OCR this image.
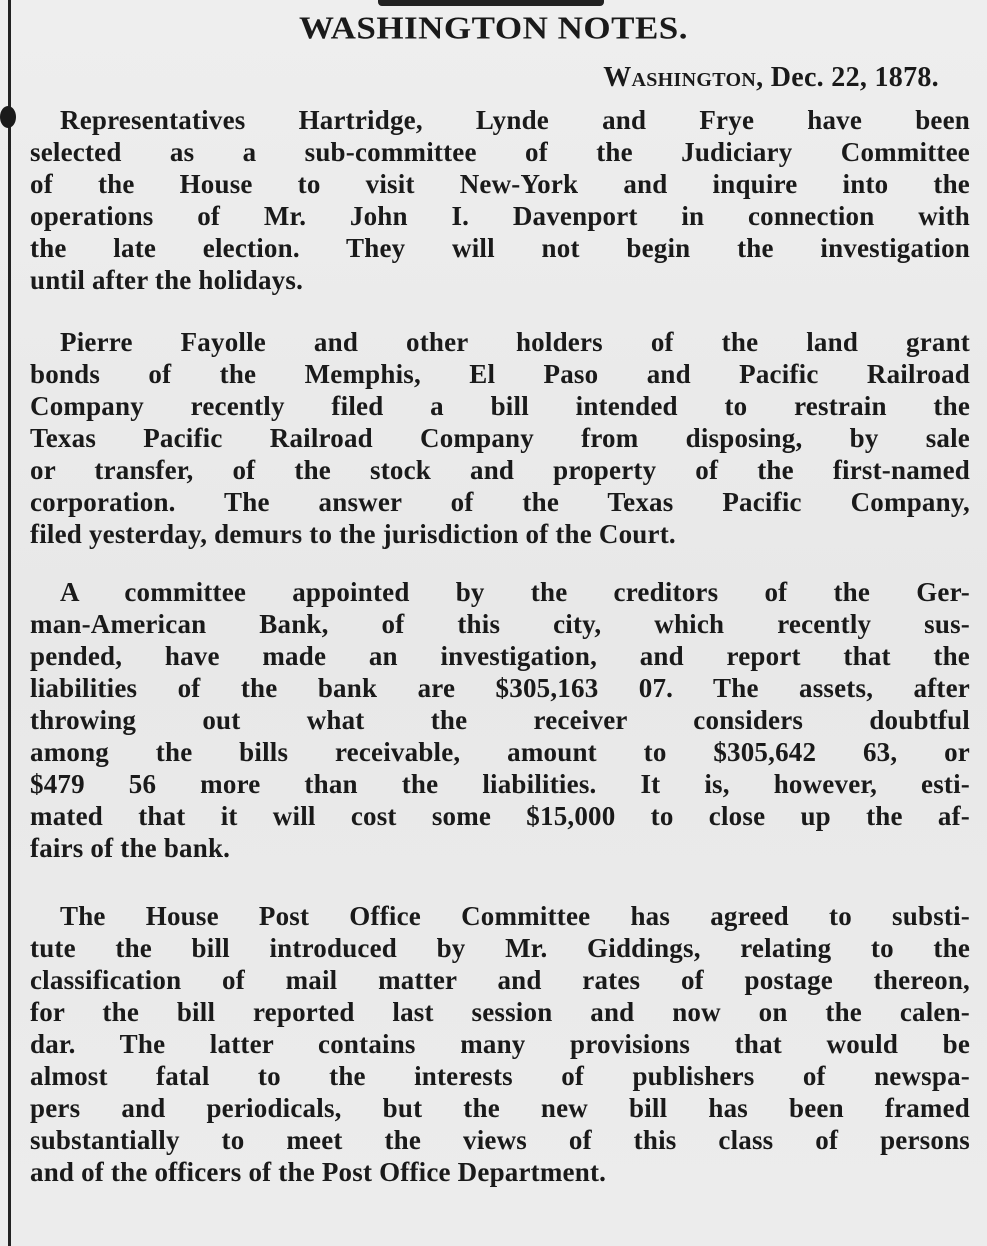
WASHINGTON NOTES.
Washington, Dec. 22, 1878.
Representatives Hartridge, Lynde and Frye have been
selected as a sub-committee of the Judiciary Committee
of the House to visit New-York and inquire into the
operations of Mr. John I. Davenport in connection with
the late election. They will not begin the investigation
until after the holidays.
Pierre Fayolle and other holders of the land grant
bonds of the Memphis, El Paso and Pacific Railroad
Company recently filed a bill intended to restrain the
Texas Pacific Railroad Company from disposing, by sale
or transfer, of the stock and property of the first-named
corporation. The answer of the Texas Pacific Company,
filed yesterday, demurs to the jurisdiction of the Court.
A committee appointed by the creditors of the Ger-
man-American Bank, of this city, which recently sus-
pended, have made an investigation, and report that the
liabilities of the bank are $305,163 07. The assets, after
throwing out what the receiver considers doubtful
among the bills receivable, amount to $305,642 63, or
$479 56 more than the liabilities. It is, however, esti-
mated that it will cost some $15,000 to close up the af-
fairs of the bank.
The House Post Office Committee has agreed to substi-
tute the bill introduced by Mr. Giddings, relating to the
classification of mail matter and rates of postage thereon,
for the bill reported last session and now on the calen-
dar. The latter contains many provisions that would be
almost fatal to the interests of publishers of newspa-
pers and periodicals, but the new bill has been framed
substantially to meet the views of this class of persons
and of the officers of the Post Office Department.
